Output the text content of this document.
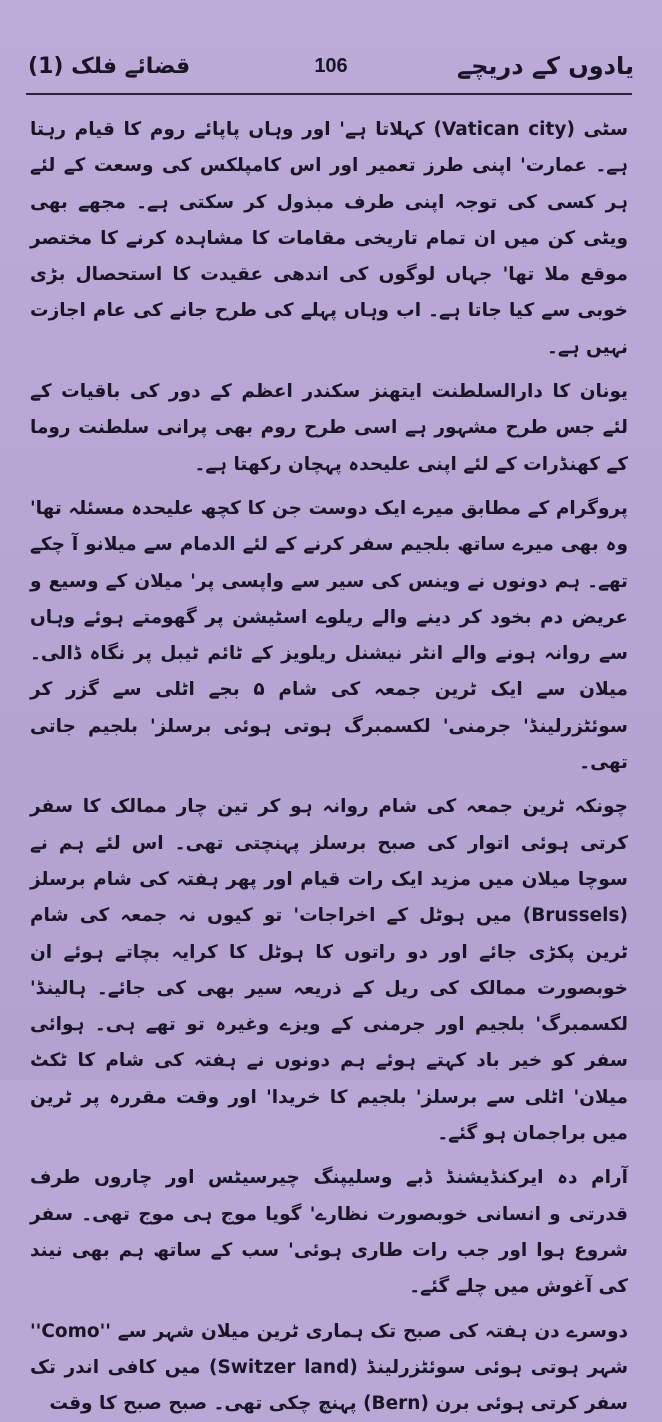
یادوں کے دریچے
106
قضائے فلک (1)

سٹی (Vatican city) کہلاتا ہے' اور وہاں پاپائے روم کا قیام رہتا ہے۔ عمارت' اپنی طرز تعمیر اور اس کامپلکس کی وسعت کے لئے ہر کسی کی توجہ اپنی طرف مبذول کر سکتی ہے۔ مجھے بھی ویٹی کن میں ان تمام تاریخی مقامات کا مشاہدہ کرنے کا مختصر موقع ملا تھا' جہاں لوگوں کی اندھی عقیدت کا استحصال بڑی خوبی سے کیا جاتا ہے۔ اب وہاں پہلے کی طرح جانے کی عام اجازت نہیں ہے۔

یونان کا دارالسلطنت ایتھنز سکندر اعظم کے دور کی باقیات کے لئے جس طرح مشہور ہے اسی طرح روم بھی پرانی سلطنت روما کے کھنڈرات کے لئے اپنی علیحدہ پہچان رکھتا ہے۔

پروگرام کے مطابق میرے ایک دوست جن کا کچھ علیحدہ مسئلہ تھا' وہ بھی میرے ساتھ بلجیم سفر کرنے کے لئے الدمام سے میلانو آ چکے تھے۔ ہم دونوں نے وینس کی سیر سے واپسی پر' میلان کے وسیع و عریض دم بخود کر دینے والے ریلوے اسٹیشن پر گھومتے ہوئے وہاں سے روانہ ہونے والے انٹر نیشنل ریلویز کے ٹائم ٹیبل پر نگاہ ڈالی۔ میلان سے ایک ٹرین جمعہ کی شام ۵ بجے اٹلی سے گزر کر سوئٹزرلینڈ' جرمنی' لکسمبرگ ہوتی ہوئی برسلز' بلجیم جاتی تھی۔

چونکہ ٹرین جمعہ کی شام روانہ ہو کر تین چار ممالک کا سفر کرتی ہوئی اتوار کی صبح برسلز پہنچتی تھی۔ اس لئے ہم نے سوچا میلان میں مزید ایک رات قیام اور پھر ہفتہ کی شام برسلز (Brussels) میں ہوٹل کے اخراجات' تو کیوں نہ جمعہ کی شام ٹرین پکڑی جائے اور دو راتوں کا ہوٹل کا کرایہ بچاتے ہوئے ان خوبصورت ممالک کی ریل کے ذریعہ سیر بھی کی جائے۔ ہالینڈ' لکسمبرگ' بلجیم اور جرمنی کے ویزے وغیرہ تو تھے ہی۔ ہوائی سفر کو خیر باد کہتے ہوئے ہم دونوں نے ہفتہ کی شام کا ٹکٹ میلان' اٹلی سے برسلز' بلجیم کا خریدا' اور وقت مقررہ پر ٹرین میں براجمان ہو گئے۔

آرام دہ ایرکنڈیشنڈ ڈبے وسلیپنگ چیرسیٹس اور چاروں طرف قدرتی و انسانی خوبصورت نظارے' گویا موج ہی موج تھی۔ سفر شروع ہوا اور جب رات طاری ہوئی' سب کے ساتھ ہم بھی نیند کی آغوش میں چلے گئے۔

دوسرے دن ہفتہ کی صبح تک ہماری ٹرین میلان شہر سے ''Como'' شہر ہوتی ہوئی سوئٹزرلینڈ (Switzer land) میں کافی اندر تک سفر کرتی ہوئی برن (Bern) پہنچ چکی تھی۔ صبح صبح کا وقت
